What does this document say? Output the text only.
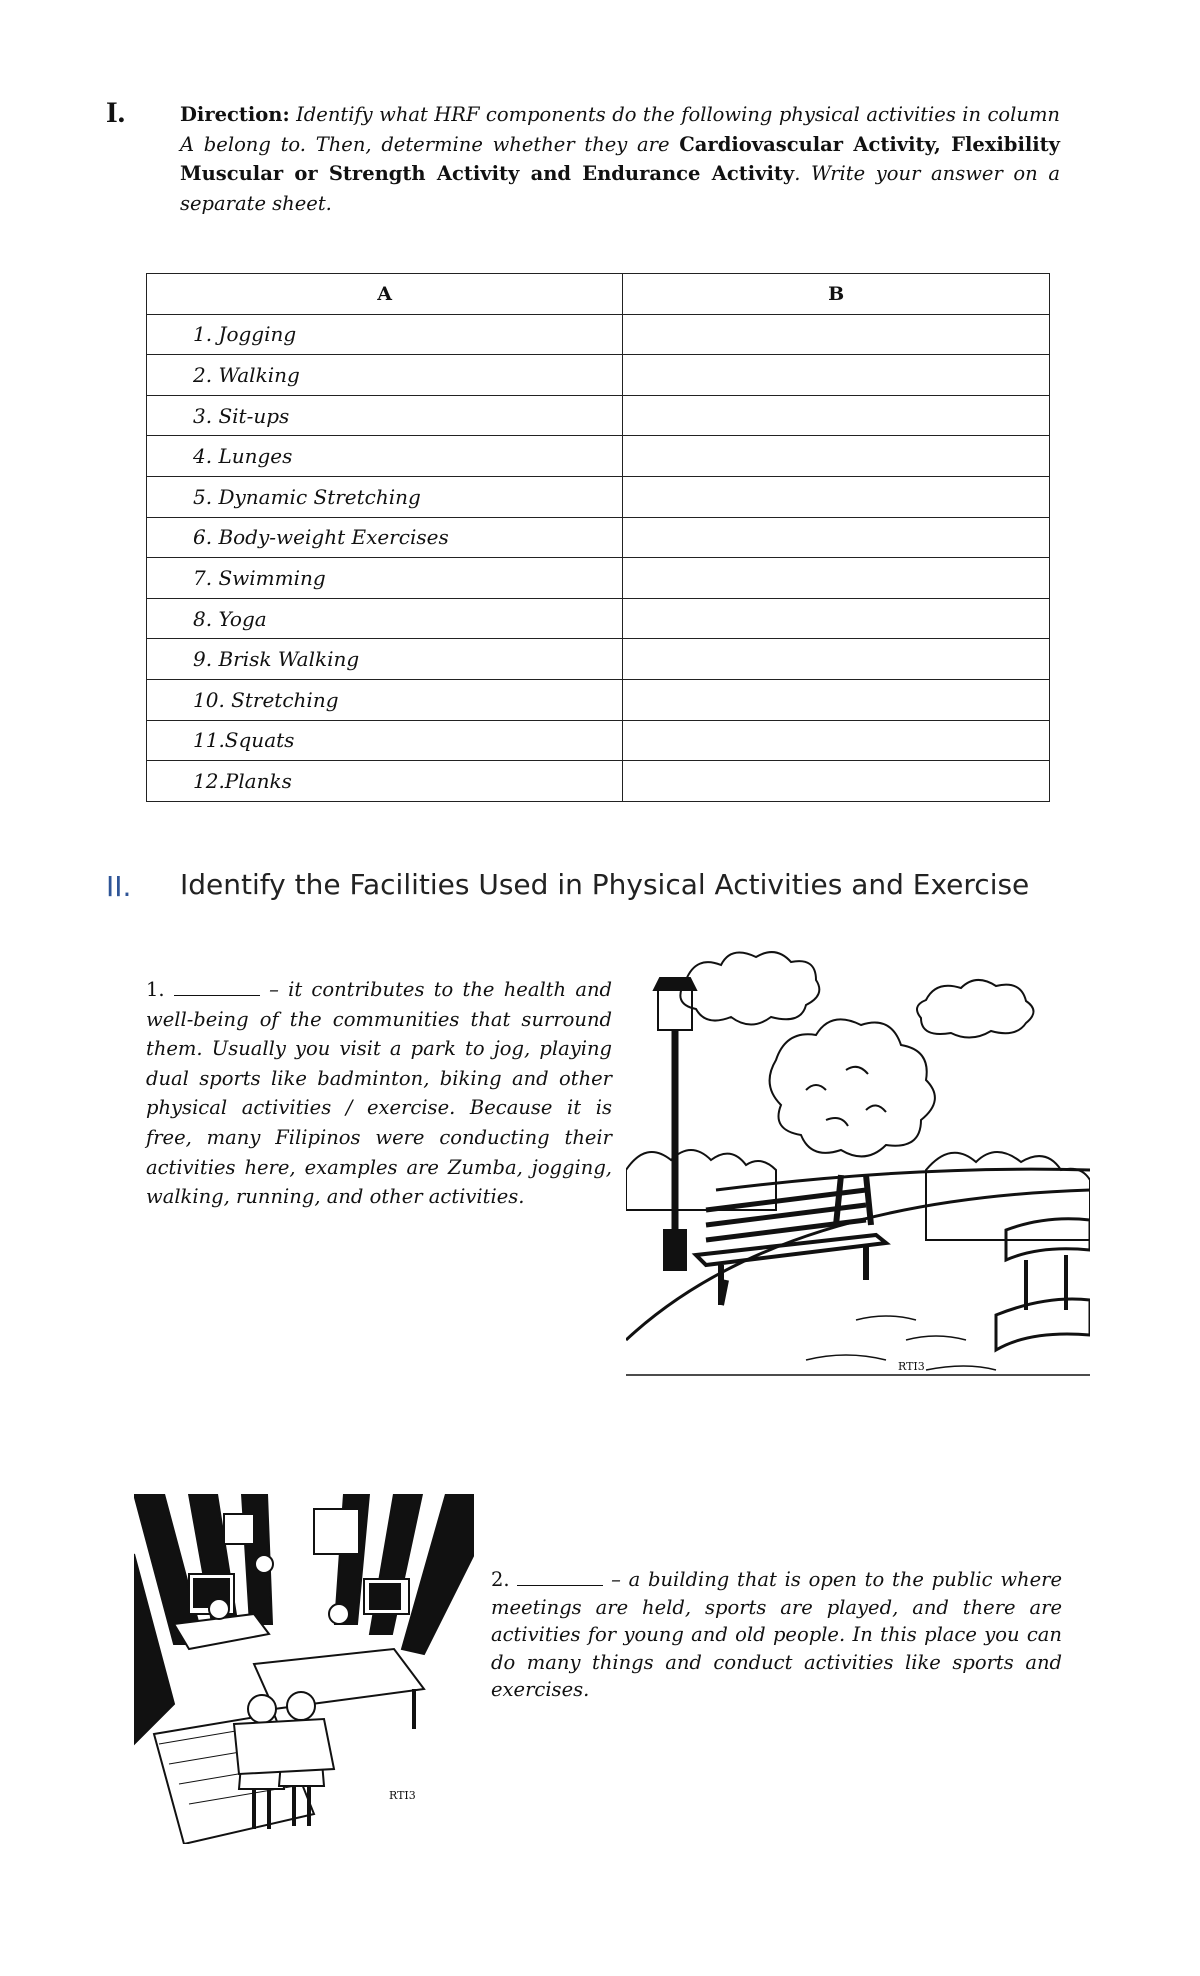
I.	Direction: Identify what HRF components do the following physical activities in column A belong to. Then, determine whether they are Cardiovascular Activity, Flexibility Muscular or Strength Activity and Endurance Activity. Write your answer on a separate sheet.
A	B
1. Jogging	
2. Walking	
3. Sit-ups	
4. Lunges	
5. Dynamic Stretching	
6. Body-weight Exercises	
7. Swimming	
8. Yoga	
9. Brisk Walking	
10. Stretching	
11.Squats	
12.Planks	
II. Identify the Facilities Used in Physical Activities and Exercise
1.	– it contributes to the health and well-being of the communities that surround them. Usually you visit a park to jog, playing dual sports like badminton, biking and other physical activities / exercise. Because it is free, many Filipinos were conducting their activities here, examples are Zumba, jogging, walking, running, and other activities.
RTI3
RTI3
2.	– a building that is open to the public where meetings are held, sports are played, and there are activities for young and old people. In this place you can do many things and conduct activities like sports and exercises.
